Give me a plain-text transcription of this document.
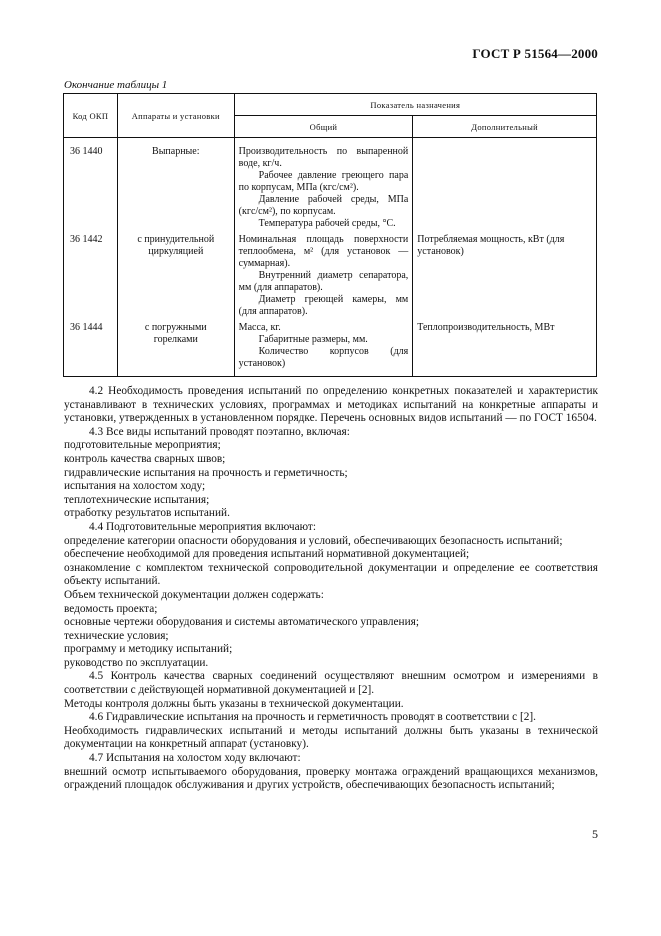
ГОСТ Р 51564—2000
Окончание таблицы 1
Код ОКП	Аппараты и установки	Показатель назначения	
		Общий	Дополнительный
36 1440	Выпарные:	Производительность по выпаренной воде, кг/ч.
Рабочее давление греющего пара по корпусам, МПа (кгс/см²).
Давление рабочей среды, МПа (кгс/см²), по корпусам.
Температура рабочей среды, °С.	

36 1442	с принудительной циркуляцией	Номинальная площадь поверхности теплообмена, м² (для установок — суммарная).
Внутренний диаметр сепаратора, мм (для аппаратов).
Диаметр греющей камеры, мм (для аппаратов).	Потребляемая мощность, кВт (для установок)
36 1444	с погружными горелками	Масса, кг.
Габаритные размеры, мм.
Количество корпусов (для установок)	Теплопроизводительность, МВт

4.2 Необходимость проведения испытаний по определению конкретных показателей и характеристик устанавливают в технических условиях, программах и методиках испытаний на конкретные аппараты и установки, утвержденных в установленном порядке. Перечень основных видов испытаний — по ГОСТ 16504.

4.3 Все виды испытаний проводят поэтапно, включая:

подготовительные мероприятия;

контроль качества сварных швов;

гидравлические испытания на прочность и герметичность;

испытания на холостом ходу;

теплотехнические испытания;

отработку результатов испытаний.

4.4 Подготовительные мероприятия включают:

определение категории опасности оборудования и условий, обеспечивающих безопасность испытаний;

обеспечение необходимой для проведения испытаний нормативной документацией;

ознакомление с комплектом технической сопроводительной документации и определение ее соответствия объекту испытаний.

Объем технической документации должен содержать:

ведомость проекта;

основные чертежи оборудования и системы автоматического управления;

технические условия;

программу и методику испытаний;

руководство по эксплуатации.

4.5 Контроль качества сварных соединений осуществляют внешним осмотром и измерениями в соответствии с действующей нормативной документацией и [2].

Методы контроля должны быть указаны в технической документации.

4.6 Гидравлические испытания на прочность и герметичность проводят в соответствии с [2].

Необходимость гидравлических испытаний и методы испытаний должны быть указаны в технической документации на конкретный аппарат (установку).

4.7 Испытания на холостом ходу включают:

внешний осмотр испытываемого оборудования, проверку монтажа ограждений вращающихся механизмов, ограждений площадок обслуживания и других устройств, обеспечивающих безопасность испытаний;

5
